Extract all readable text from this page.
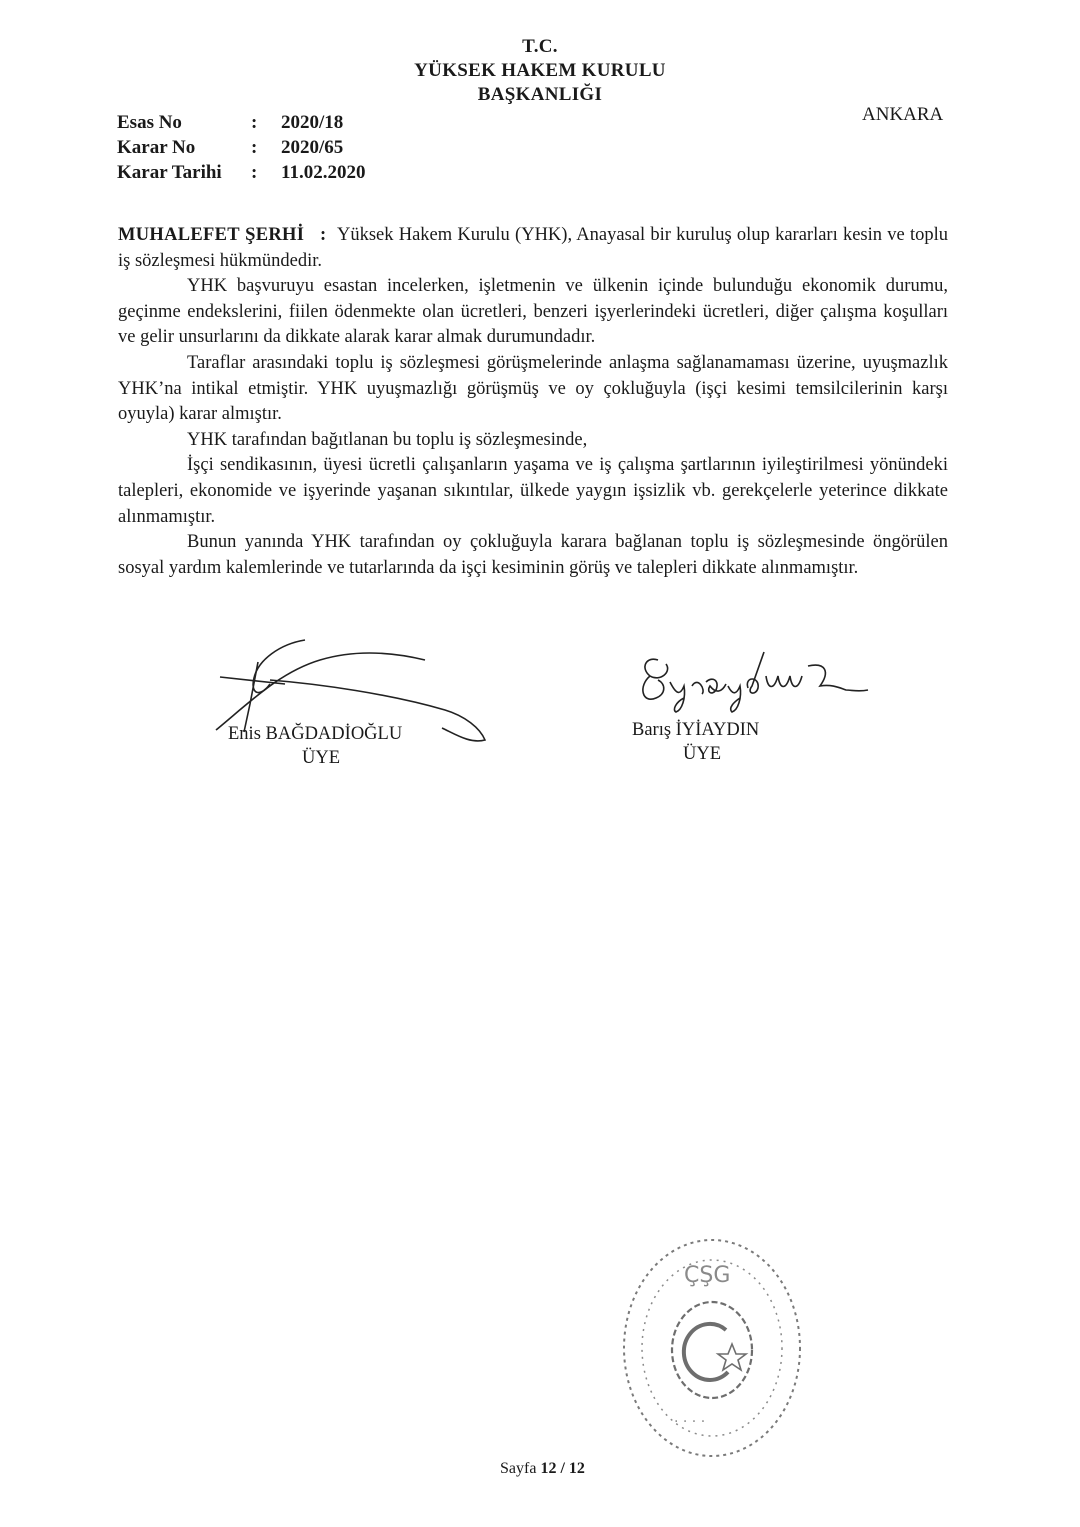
T.C.
YÜKSEK HAKEM KURULU
BAŞKANLIĞI
ANKARA
Esas No	: 2020/18
Karar No	: 2020/65
Karar Tarihi : 11.02.2020

MUHALEFET ŞERHİ : Yüksek Hakem Kurulu (YHK), Anayasal bir kuruluş olup kararları kesin ve toplu iş sözleşmesi hükmündedir.

YHK başvuruyu esastan incelerken, işletmenin ve ülkenin içinde bulunduğu ekonomik durumu, geçinme endekslerini, fiilen ödenmekte olan ücretleri, benzeri işyerlerindeki ücretleri, diğer çalışma koşulları ve gelir unsurlarını da dikkate alarak karar almak durumundadır.

Taraflar arasındaki toplu iş sözleşmesi görüşmelerinde anlaşma sağlanamaması üzerine, uyuşmazlık YHK’na intikal etmiştir. YHK uyuşmazlığı görüşmüş ve oy çokluğuyla (işçi kesimi temsilcilerinin karşı oyuyla) karar almıştır.

YHK tarafından bağıtlanan bu toplu iş sözleşmesinde,

İşçi sendikasının, üyesi ücretli çalışanların yaşama ve iş çalışma şartlarının iyileştirilmesi yönündeki talepleri, ekonomide ve işyerinde yaşanan sıkıntılar, ülkede yaygın işsizlik vb. gerekçelerle yeterince dikkate alınmamıştır.

Bunun yanında YHK tarafından oy çokluğuyla karara bağlanan toplu iş sözleşmesinde öngörülen sosyal yardım kalemlerinde ve tutarlarında da işçi kesiminin görüş ve talepleri dikkate alınmamıştır.

Enis BAĞDADİOĞLU
ÜYE
Barış İYİAYDIN
ÜYE
ÇŞG
· · · ·
Sayfa 12 / 12
